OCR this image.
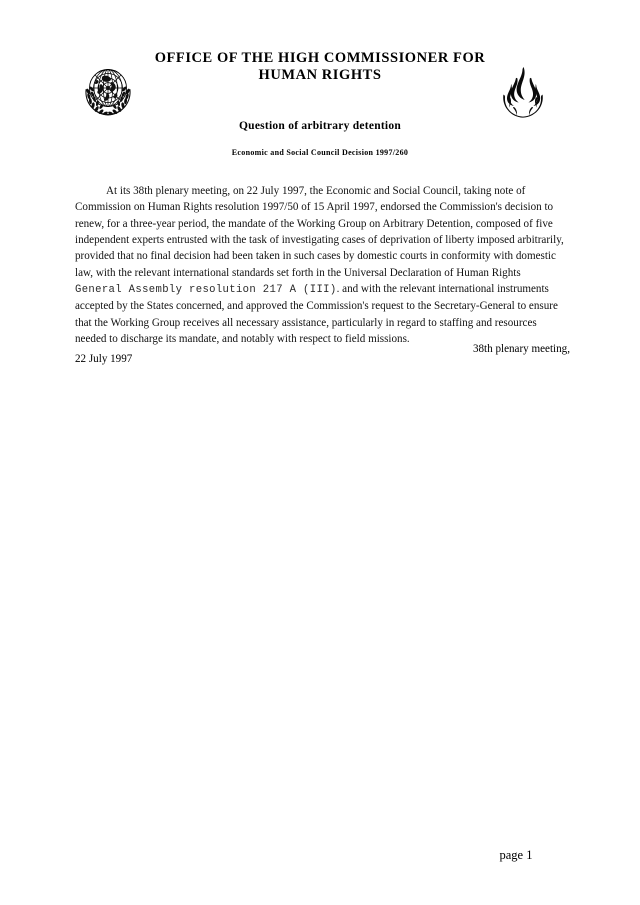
OFFICE OF THE HIGH COMMISSIONER FOR
HUMAN RIGHTS
Question of arbitrary detention
Economic and Social Council Decision 1997/260

At its 38th plenary meeting, on 22 July 1997, the Economic and Social Council, taking note of Commission on Human Rights resolution 1997/50 of 15 April 1997, endorsed the Commission's decision to renew, for a three-year period, the mandate of the Working Group on Arbitrary Detention, composed of five independent experts entrusted with the task of investigating cases of deprivation of liberty imposed arbitrarily, provided that no final decision had been taken in such cases by domestic courts in conformity with domestic law, with the relevant international standards set forth in the Universal Declaration of Human Rights General Assembly resolution 217 A (III). and with the relevant international instruments accepted by the States concerned, and approved the Commission's request to the Secretary-General to ensure that the Working Group receives all necessary assistance, particularly in regard to staffing and resources needed to discharge its mandate, and notably with respect to field missions.

38th plenary meeting,
22 July 1997
page 1
